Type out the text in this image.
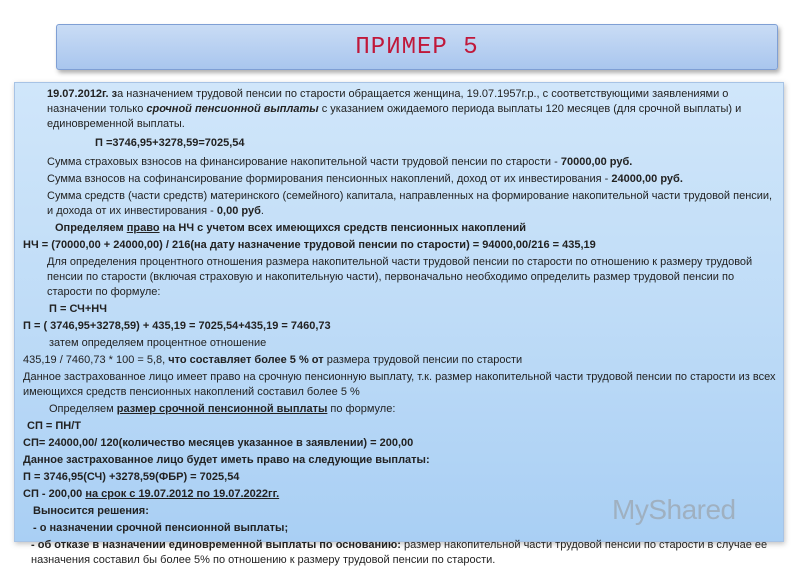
ПРИМЕР 5

19.07.2012г. за назначением трудовой пенсии по старости обращается женщина, 19.07.1957г.р., с соответствующими заявлениями о назначении только срочной пенсионной выплаты с указанием ожидаемого периода выплаты 120 месяцев (для срочной выплаты) и единовременной выплаты.

П =3746,95+3278,59=7025,54

Сумма страховых взносов на финансирование накопительной части трудовой пенсии по старости - 70000,00 руб.

Сумма взносов на софинансирование формирования пенсионных накоплений, доход от их инвестирования - 24000,00 руб.

Сумма средств (части средств) материнского (семейного) капитала, направленных на формирование накопительной части трудовой пенсии, и дохода от их инвестирования - 0,00 руб.

Определяем право на НЧ с учетом всех имеющихся средств пенсионных накоплений

НЧ = (70000,00 + 24000,00) / 216(на дату назначение трудовой пенсии по старости) = 94000,00/216 = 435,19

Для определения процентного отношения размера накопительной части трудовой пенсии по старости по отношению к размеру трудовой пенсии по старости (включая страховую и накопительную части), первоначально необходимо определить размер трудовой пенсии по старости по формуле:

П = СЧ+НЧ

П = ( 3746,95+3278,59) + 435,19 = 7025,54+435,19 = 7460,73

затем определяем процентное отношение

435,19 / 7460,73 * 100 = 5,8, что составляет более 5 % от размера трудовой пенсии по старости

Данное застрахованное лицо имеет право на срочную пенсионную выплату, т.к. размер накопительной части трудовой пенсии по старости из всех имеющихся средств пенсионных накоплений составил более 5 %

Определяем размер срочной пенсионной выплаты по формуле:

СП = ПН/Т

СП= 24000,00/ 120(количество месяцев указанное в заявлении) = 200,00

Данное застрахованное лицо будет иметь право на следующие выплаты:

П = 3746,95(СЧ) +3278,59(ФБР) = 7025,54

СП - 200,00 на срок с 19.07.2012 по 19.07.2022гг.

Выносится решения:

- о назначении срочной пенсионной выплаты;

- об отказе в назначении единовременной выплаты по основанию: размер накопительной части трудовой пенсии по старости в случае ее назначения составил бы более 5% по отношению к размеру трудовой пенсии по старости.

MyShared
